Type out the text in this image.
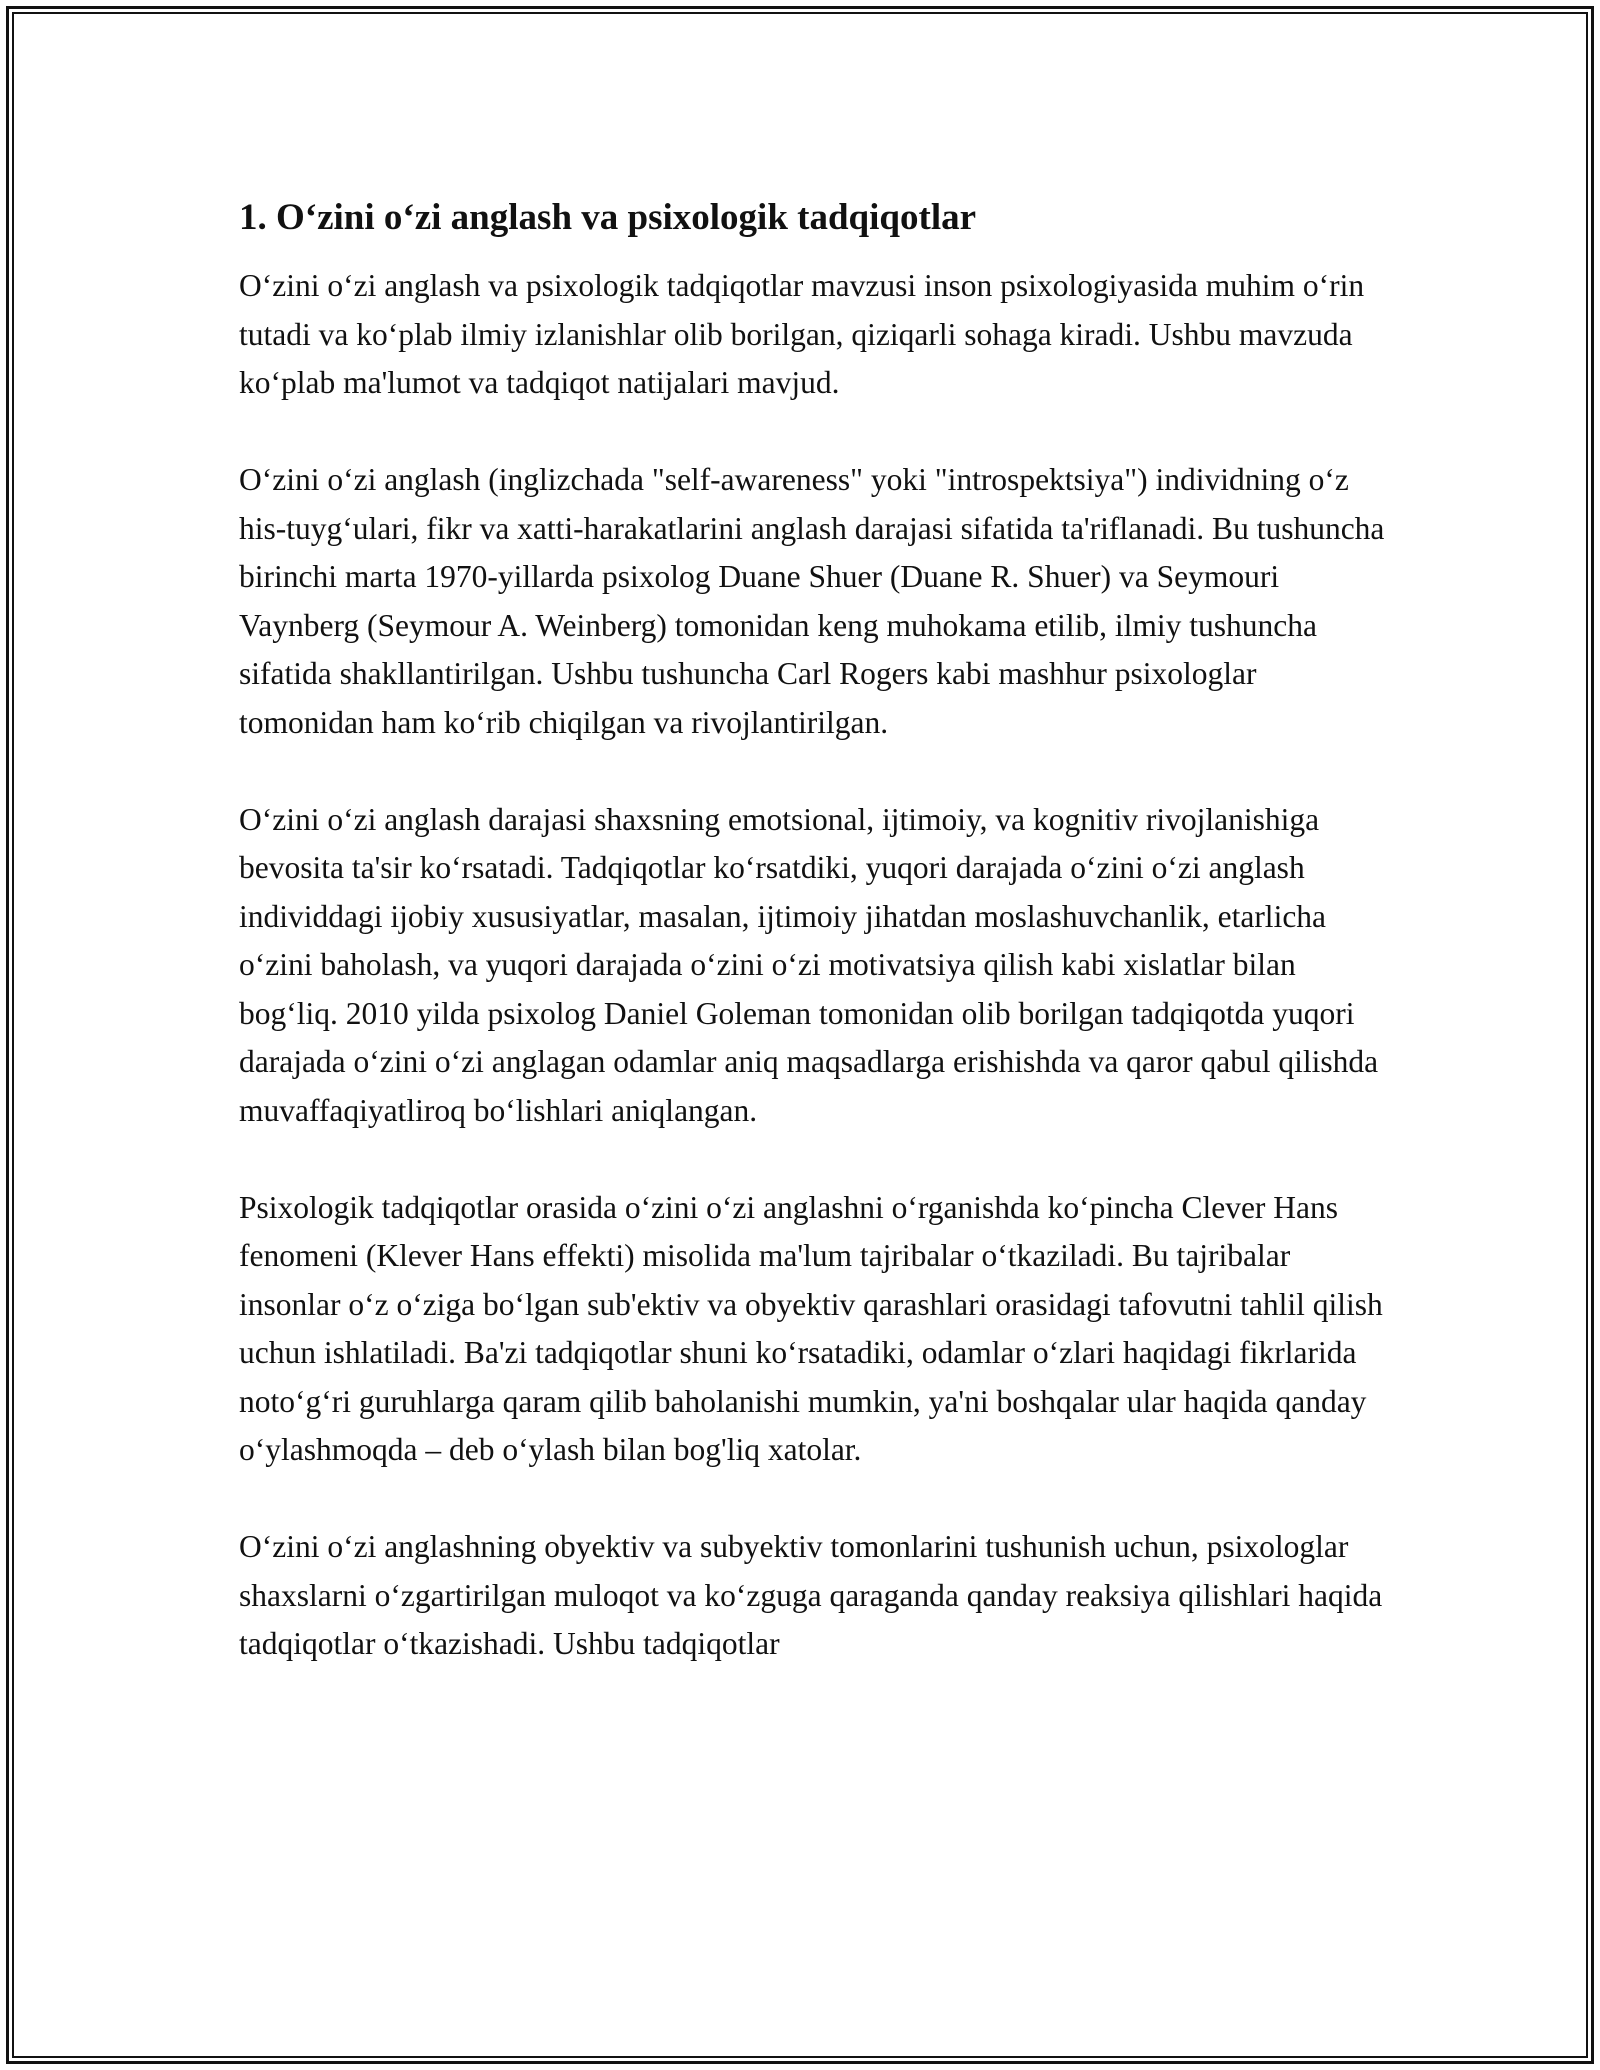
1. O‘zini o‘zi anglash va psixologik tadqiqotlar

O‘zini o‘zi anglash va psixologik tadqiqotlar mavzusi inson psixologiyasida muhim o‘rin tutadi va ko‘plab ilmiy izlanishlar olib borilgan, qiziqarli sohaga kiradi. Ushbu mavzuda ko‘plab ma'lumot va tadqiqot natijalari mavjud.

O‘zini o‘zi anglash (inglizchada "self-awareness" yoki "introspektsiya") individning o‘z his-tuyg‘ulari, fikr va xatti-harakatlarini anglash darajasi sifatida ta'riflanadi. Bu tushuncha birinchi marta 1970-yillarda psixolog Duane Shuer (Duane R. Shuer) va Seymouri Vaynberg (Seymour A. Weinberg) tomonidan keng muhokama etilib, ilmiy tushuncha sifatida shakllantirilgan. Ushbu tushuncha Carl Rogers kabi mashhur psixologlar tomonidan ham ko‘rib chiqilgan va rivojlantirilgan.

O‘zini o‘zi anglash darajasi shaxsning emotsional, ijtimoiy, va kognitiv rivojlanishiga bevosita ta'sir ko‘rsatadi. Tadqiqotlar ko‘rsatdiki, yuqori darajada o‘zini o‘zi anglash individdagi ijobiy xususiyatlar, masalan, ijtimoiy jihatdan moslashuvchanlik, etarlicha o‘zini baholash, va yuqori darajada o‘zini o‘zi motivatsiya qilish kabi xislatlar bilan bog‘liq. 2010 yilda psixolog Daniel Goleman tomonidan olib borilgan tadqiqotda yuqori darajada o‘zini o‘zi anglagan odamlar aniq maqsadlarga erishishda va qaror qabul qilishda muvaffaqiyatliroq bo‘lishlari aniqlangan.

Psixologik tadqiqotlar orasida o‘zini o‘zi anglashni o‘rganishda ko‘pincha Clever Hans fenomeni (Klever Hans effekti) misolida ma'lum tajribalar o‘tkaziladi. Bu tajribalar insonlar o‘z o‘ziga bo‘lgan sub'ektiv va obyektiv qarashlari orasidagi tafovutni tahlil qilish uchun ishlatiladi. Ba'zi tadqiqotlar shuni ko‘rsatadiki, odamlar o‘zlari haqidagi fikrlarida noto‘g‘ri guruhlarga qaram qilib baholanishi mumkin, ya'ni boshqalar ular haqida qanday o‘ylashmoqda – deb o‘ylash bilan bog'liq xatolar.

O‘zini o‘zi anglashning obyektiv va subyektiv tomonlarini tushunish uchun, psixologlar shaxslarni o‘zgartirilgan muloqot va ko‘zguga qaraganda qanday reaksiya qilishlari haqida tadqiqotlar o‘tkazishadi. Ushbu tadqiqotlar
